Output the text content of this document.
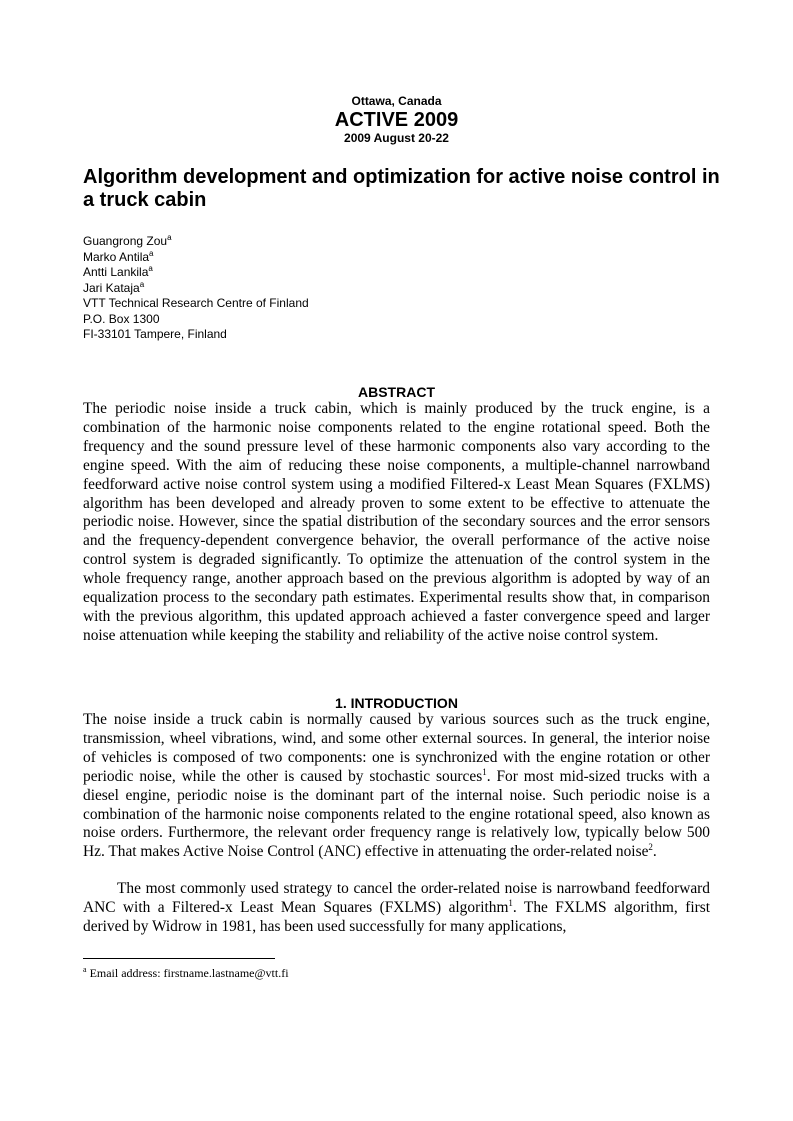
Ottawa, Canada
ACTIVE 2009
2009 August 20-22
Algorithm development and optimization for active noise control in a truck cabin
Guangrong Zou$^a$
Marko Antila$^a$
Antti Lankila$^a$
Jari Kataja$^a$
VTT Technical Research Centre of Finland
P.O. Box 1300
FI-33101 Tampere, Finland
ABSTRACT

The periodic noise inside a truck cabin, which is mainly produced by the truck engine, is a combination of the harmonic noise components related to the engine rotational speed. Both the frequency and the sound pressure level of these harmonic components also vary according to the engine speed. With the aim of reducing these noise components, a multiple-channel narrowband feedforward active noise control system using a modified Filtered-x Least Mean Squares (FXLMS) algorithm has been developed and already proven to some extent to be effective to attenuate the periodic noise. However, since the spatial distribution of the secondary sources and the error sensors and the frequency-dependent convergence behavior, the overall performance of the active noise control system is degraded significantly. To optimize the attenuation of the control system in the whole frequency range, another approach based on the previous algorithm is adopted by way of an equalization process to the secondary path estimates. Experimental results show that, in comparison with the previous algorithm, this updated approach achieved a faster convergence speed and larger noise attenuation while keeping the stability and reliability of the active noise control system.

1. INTRODUCTION

The noise inside a truck cabin is normally caused by various sources such as the truck engine, transmission, wheel vibrations, wind, and some other external sources. In general, the interior noise of vehicles is composed of two components: one is synchronized with the engine rotation or other periodic noise, while the other is caused by stochastic sources$^1$. For most mid-sized trucks with a diesel engine, periodic noise is the dominant part of the internal noise. Such periodic noise is a combination of the harmonic noise components related to the engine rotational speed, also known as noise orders. Furthermore, the relevant order frequency range is relatively low, typically below 500 Hz. That makes Active Noise Control (ANC) effective in attenuating the order-related noise$^2$.

The most commonly used strategy to cancel the order-related noise is narrowband feedforward ANC with a Filtered-x Least Mean Squares (FXLMS) algorithm$^1$. The FXLMS algorithm, first derived by Widrow in 1981, has been used successfully for many applications,

$^a$ Email address: firstname.lastname@vtt.fi
